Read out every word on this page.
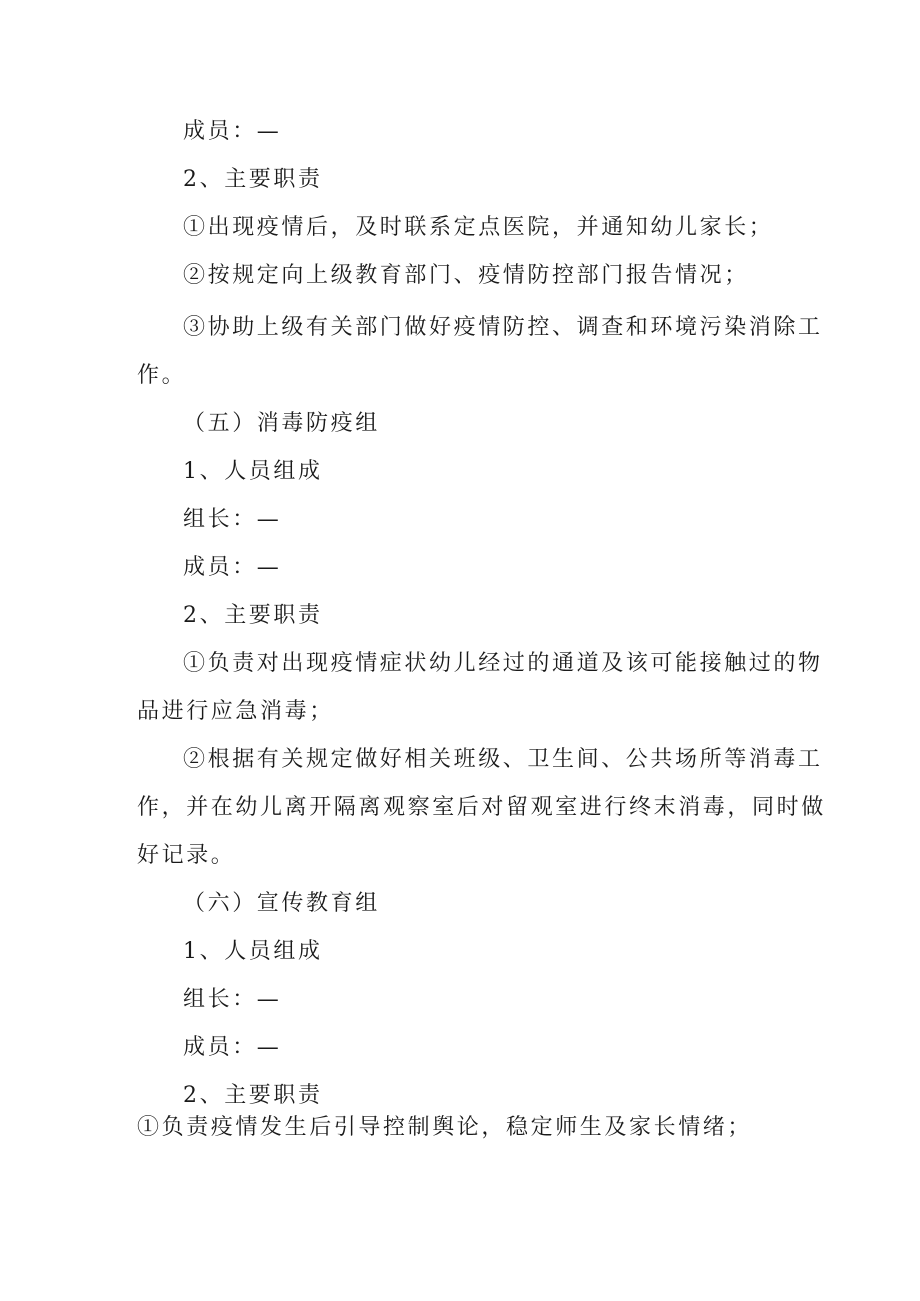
成员：—
2、主要职责
①出现疫情后，及时联系定点医院，并通知幼儿家长；
②按规定向上级教育部门、疫情防控部门报告情况；
③协助上级有关部门做好疫情防控、调查和环境污染消除工
作。
（五）消毒防疫组
1、人员组成
组长：—
成员：—
2、主要职责
①负责对出现疫情症状幼儿经过的通道及该可能接触过的物
品进行应急消毒；
②根据有关规定做好相关班级、卫生间、公共场所等消毒工
作，并在幼儿离开隔离观察室后对留观室进行终末消毒，同时做
好记录。
（六）宣传教育组
1、人员组成
组长：—
成员：—
2、主要职责
①负责疫情发生后引导控制舆论，稳定师生及家长情绪；
